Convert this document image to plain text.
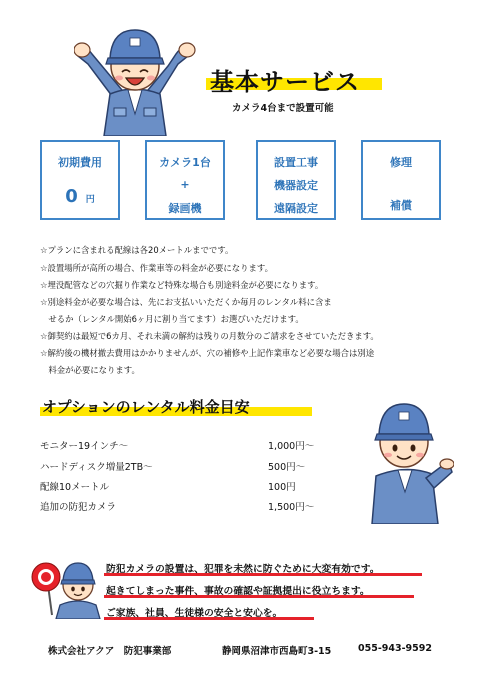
基本サービス
カメラ4台まで設置可能
初期費用
0 円
カメラ1台
+
録画機
設置工事
機器設定
遠隔設定
修理
補償
☆プランに含まれる配線は各20メートルまでです。
☆設置場所が高所の場合、作業車等の料金が必要になります。
☆埋没配管などの穴掘り作業など特殊な場合も別途料金が必要になります。
☆別途料金が必要な場合は、先にお支払いいただくか毎月のレンタル料に含ま
　せるか（レンタル開始6ヶ月に割り当てます）お選びいただけます。
☆御契約は最短で6カ月、それ未満の解約は残りの月数分のご請求をさせていただきます。
☆解約後の機材撤去費用はかかりませんが、穴の補修や上記作業車など必要な場合は別途
　料金が必要になります。
オプションのレンタル料金目安
モニター19インチ～	1,000円～
ハードディスク増量2TB～	500円～
配線10メートル	100円
追加の防犯カメラ	1,500円～
防犯カメラの設置は、犯罪を未然に防ぐために大変有効です。
起きてしまった事件、事故の確認や証拠提出に役立ちます。
ご家族、社員、生徒様の安全と安心を。
株式会社アクア　防犯事業部	静岡県沼津市西島町3-15	055-943-9592
